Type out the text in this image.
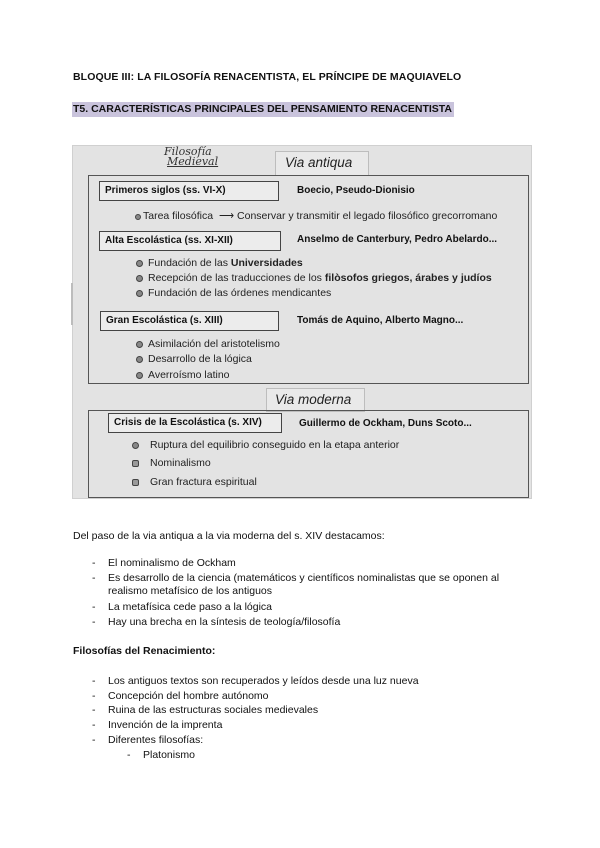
BLOQUE III: LA FILOSOFÍA RENACENTISTA, EL PRÍNCIPE DE MAQUIAVELO
T5. CARACTERÍSTICAS PRINCIPALES DEL PENSAMIENTO RENACENTISTA
Filosofía
Medieval	Via antiqua
Primeros siglos (ss. VI-X)	Boecio, Pseudo-Dionisio
Tarea filosófica ⟶ Conservar y transmitir el legado filosófico grecorromano
Alta Escolástica (ss. XI-XII)	Anselmo de Canterbury, Pedro Abelardo...
Fundación de las Universidades
Recepción de las traducciones de los filòsofos griegos, árabes y judíos
Fundación de las órdenes mendicantes
Gran Escolástica (s. XIII)	Tomás de Aquino, Alberto Magno...
Asimilación del aristotelismo
Desarrollo de la lógica
Averroísmo latino
Via moderna
Crisis de la Escolástica (s. XIV)	Guillermo de Ockham, Duns Scoto...
Ruptura del equilibrio conseguido en la etapa anterior
Nominalismo
Gran fractura espiritual
Del paso de la via antiqua a la via moderna del s. XIV destacamos:
- El nominalismo de Ockham
- Es desarrollo de la ciencia (matemáticos y científicos nominalistas que se oponen al realismo metafísico de los antiguos
- La metafísica cede paso a la lógica
- Hay una brecha en la síntesis de teología/filosofía
Filosofías del Renacimiento:
- Los antiguos textos son recuperados y leídos desde una luz nueva
- Concepción del hombre autónomo
- Ruina de las estructuras sociales medievales
- Invención de la imprenta
- Diferentes filosofías:
- Platonismo
